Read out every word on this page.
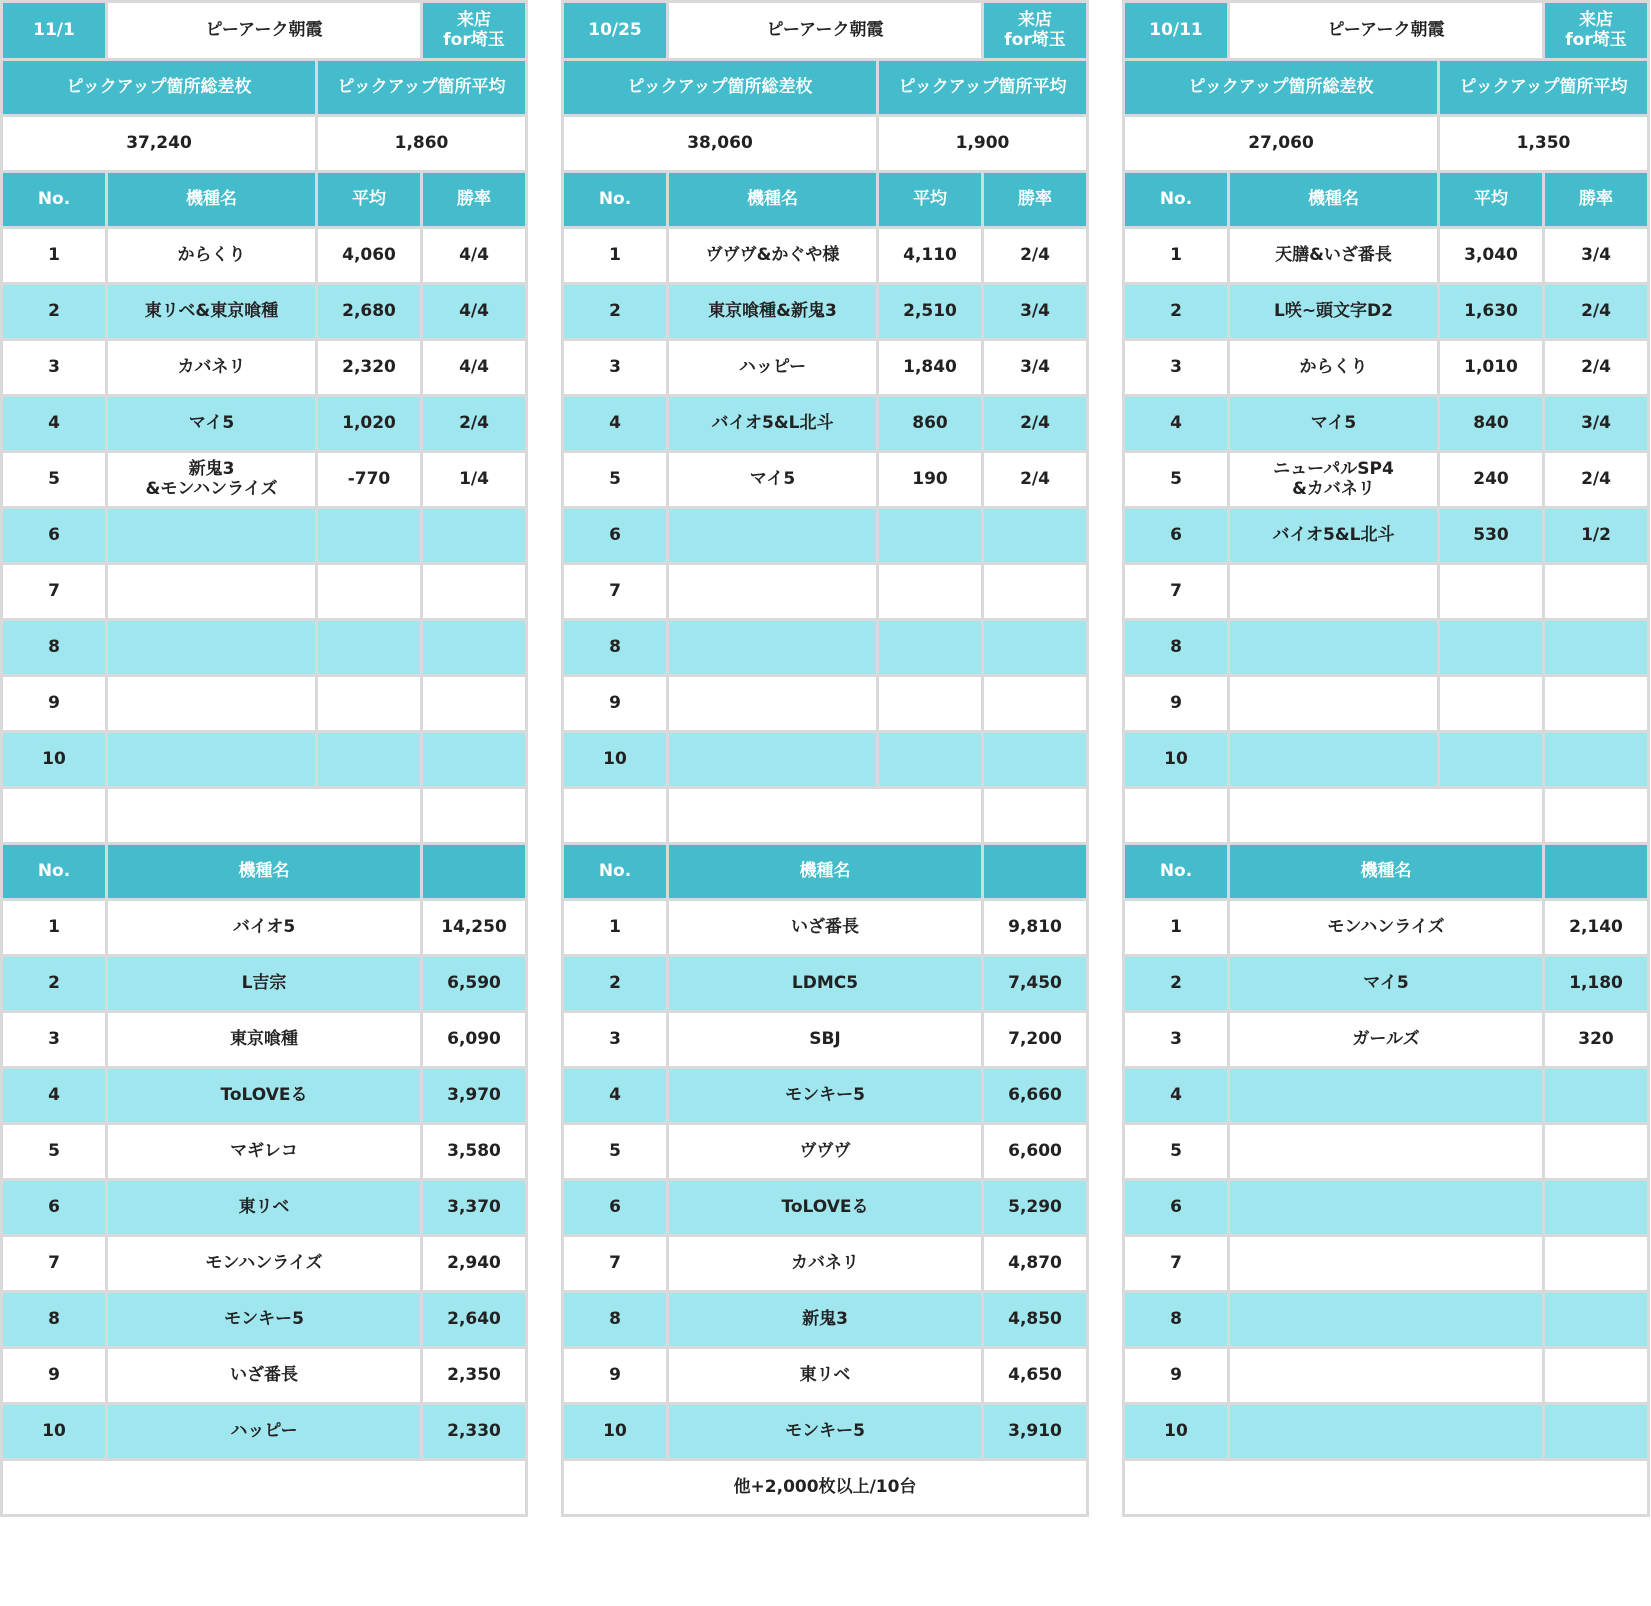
11/1	ピーアーク朝霞		来店
for埼玉
ピックアップ箇所総差枚		ピックアップ箇所平均	
37,240		1,860	
No.	機種名	平均	勝率
1	からくり	4,060	4/4
2	東リベ&東京喰種	2,680	4/4
3	カバネリ	2,320	4/4
4	マイ5	1,020	2/4
5	新鬼3
&モンハンライズ	-770	1/4
6			
7			
8			
9			
10			

No.	機種名		
1	バイオ5		14,250
2	L吉宗		6,590
3	東京喰種		6,090
4	ToLOVEる		3,970
5	マギレコ		3,580
6	東リベ		3,370
7	モンハンライズ		2,940
8	モンキー5		2,640
9	いざ番長		2,350
10	ハッピー		2,330

10/25	ピーアーク朝霞		来店
for埼玉
ピックアップ箇所総差枚		ピックアップ箇所平均	
38,060		1,900	
No.	機種名	平均	勝率
1	ヴヴヴ&かぐや様	4,110	2/4
2	東京喰種&新鬼3	2,510	3/4
3	ハッピー	1,840	3/4
4	バイオ5&L北斗	860	2/4
5	マイ5	190	2/4
6			
7			
8			
9			
10			

No.	機種名		
1	いざ番長		9,810
2	LDMC5		7,450
3	SBJ		7,200
4	モンキー5		6,660
5	ヴヴヴ		6,600
6	ToLOVEる		5,290
7	カバネリ		4,870
8	新鬼3		4,850
9	東リベ		4,650
10	モンキー5		3,910
他+2,000枚以上/10台			
10/11	ピーアーク朝霞		来店
for埼玉
ピックアップ箇所総差枚		ピックアップ箇所平均	
27,060		1,350	
No.	機種名	平均	勝率
1	天膳&いざ番長	3,040	3/4
2	L咲~頭文字D2	1,630	2/4
3	からくり	1,010	2/4
4	マイ5	840	3/4
5	ニューパルSP4
&カバネリ	240	2/4
6	バイオ5&L北斗	530	1/2
7			
8			
9			
10			

No.	機種名		
1	モンハンライズ		2,140
2	マイ5		1,180
3	ガールズ		320
4			
5			
6			
7			
8			
9			
10			
